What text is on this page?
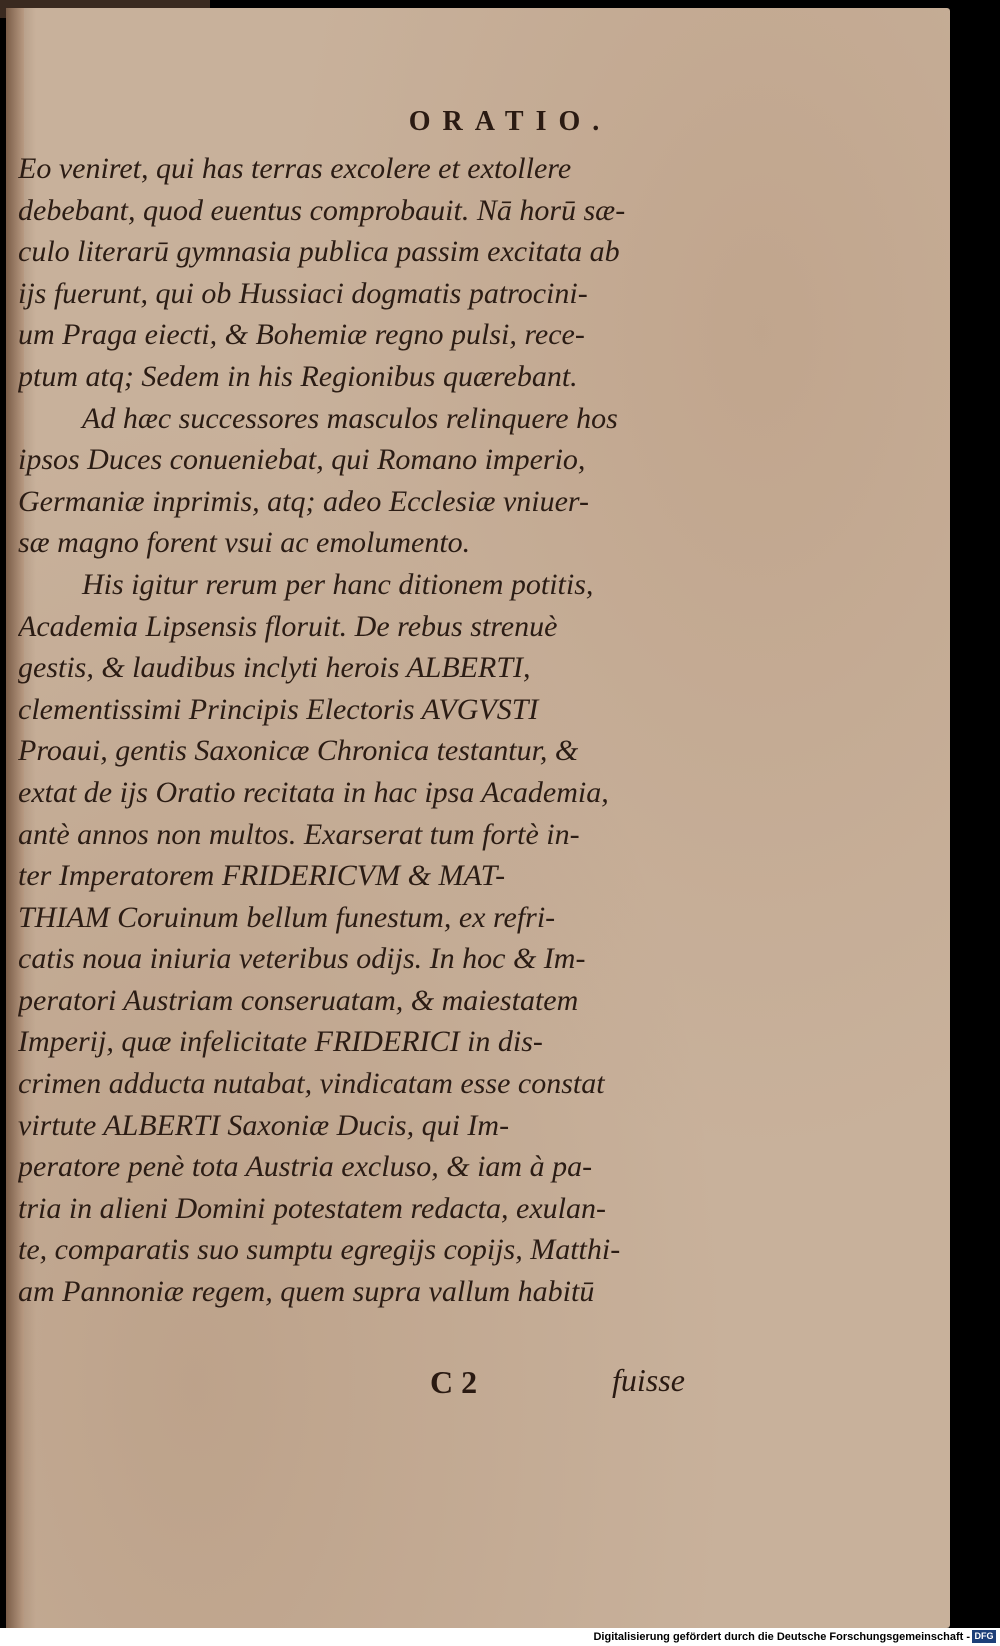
ORATIO.
Eo veniret, qui has terras excolere et extollere
debebant, quod euentus comprobauit. Nā horū sæ-
culo literarū gymnasia publica passim excitata ab
ijs fuerunt, qui ob Hussiaci dogmatis patrocini-
um Praga eiecti, & Bohemiæ regno pulsi, rece-
ptum atq; Sedem in his Regionibus quærebant.
Ad hæc successores masculos relinquere hos
ipsos Duces conueniebat, qui Romano imperio,
Germaniæ inprimis, atq; adeo Ecclesiæ vniuer-
sæ magno forent vsui ac emolumento.
His igitur rerum per hanc ditionem potitis,
Academia Lipsensis floruit. De rebus strenuè
gestis, & laudibus inclyti herois ALBERTI,
clementissimi Principis Electoris AVGVSTI
Proaui, gentis Saxonicæ Chronica testantur, &
extat de ijs Oratio recitata in hac ipsa Academia,
antè annos non multos. Exarserat tum fortè in-
ter Imperatorem FRIDERICVM & MAT-
THIAM Coruinum bellum funestum, ex refri-
catis noua iniuria veteribus odijs. In hoc & Im-
peratori Austriam conseruatam, & maiestatem
Imperij, quæ infelicitate FRIDERICI in dis-
crimen adducta nutabat, vindicatam esse constat
virtute ALBERTI Saxoniæ Ducis, qui Im-
peratore penè tota Austria excluso, & iam à pa-
tria in alieni Domini potestatem redacta, exulan-
te, comparatis suo sumptu egregijs copijs, Matthi-
am Pannoniæ regem, quem supra vallum habitū
C 2	fuisse
Digitalisierung gefördert durch die Deutsche Forschungsgemeinschaft - DFG
